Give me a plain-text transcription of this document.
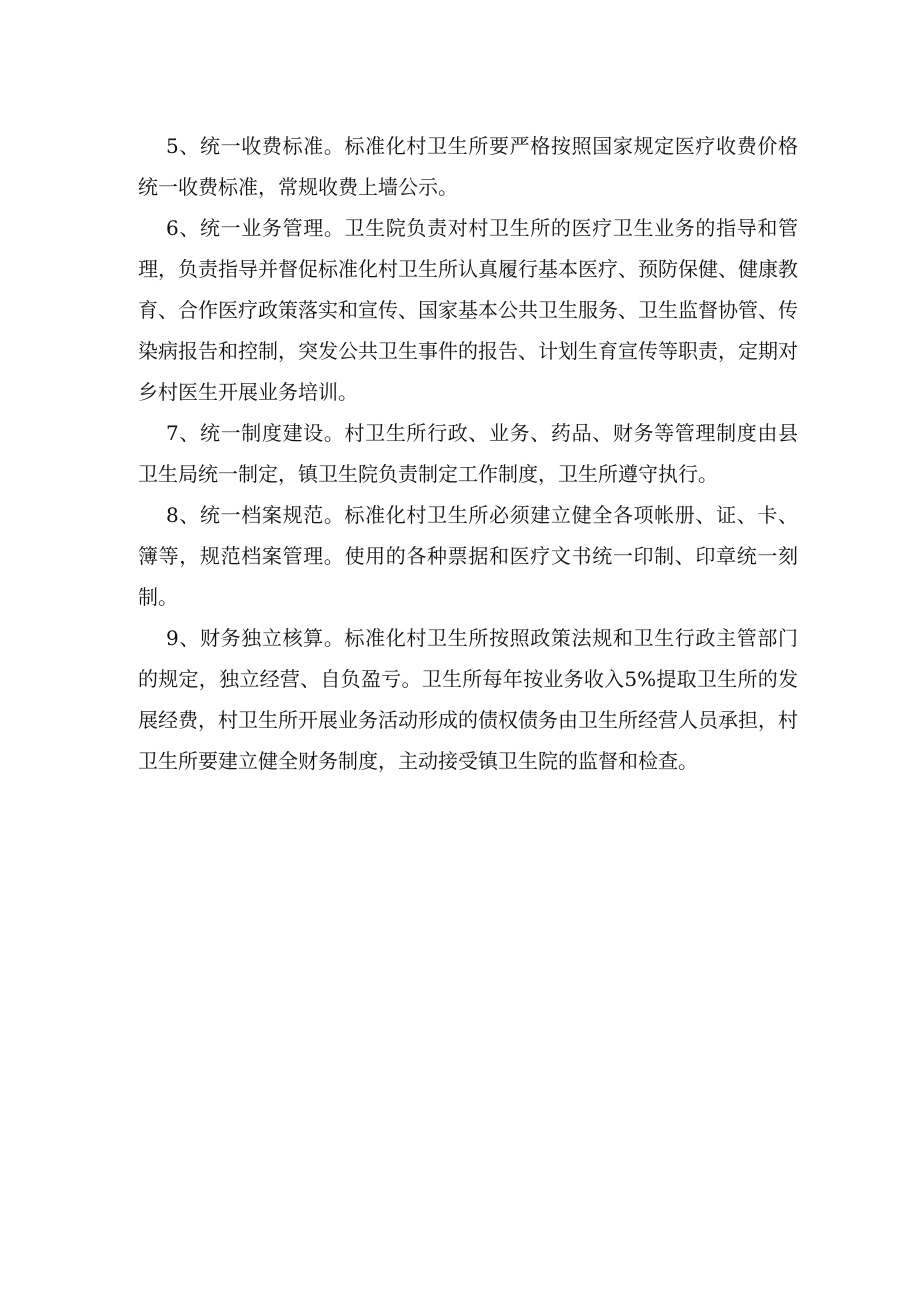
5、统一收费标准。标准化村卫生所要严格按照国家规定医疗收费价格统一收费标准，常规收费上墙公示。

6、统一业务管理。卫生院负责对村卫生所的医疗卫生业务的指导和管理，负责指导并督促标准化村卫生所认真履行基本医疗、预防保健、健康教育、合作医疗政策落实和宣传、国家基本公共卫生服务、卫生监督协管、传染病报告和控制，突发公共卫生事件的报告、计划生育宣传等职责，定期对乡村医生开展业务培训。

7、统一制度建设。村卫生所行政、业务、药品、财务等管理制度由县卫生局统一制定，镇卫生院负责制定工作制度，卫生所遵守执行。

8、统一档案规范。标准化村卫生所必须建立健全各项帐册、证、卡、簿等，规范档案管理。使用的各种票据和医疗文书统一印制、印章统一刻制。

9、财务独立核算。标准化村卫生所按照政策法规和卫生行政主管部门的规定，独立经营、自负盈亏。卫生所每年按业务收入5%提取卫生所的发展经费，村卫生所开展业务活动形成的债权债务由卫生所经营人员承担，村卫生所要建立健全财务制度，主动接受镇卫生院的监督和检查。
